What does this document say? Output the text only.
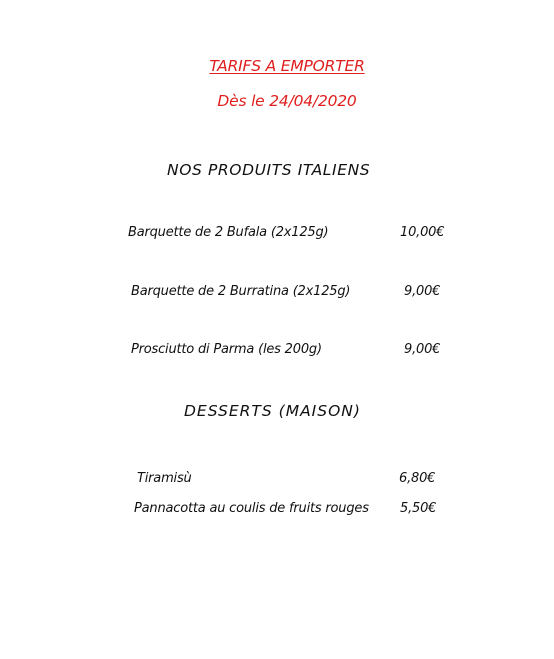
TARIFS A EMPORTER
Dès le 24/04/2020
NOS PRODUITS ITALIENS
Barquette de 2 Bufala (2x125g)	10,00€
Barquette de 2 Burratina (2x125g)	9,00€
Prosciutto di Parma (les 200g)	9,00€
DESSERTS (MAISON)
Tiramisù	6,80€
Pannacotta au coulis de fruits rouges 5,50€
